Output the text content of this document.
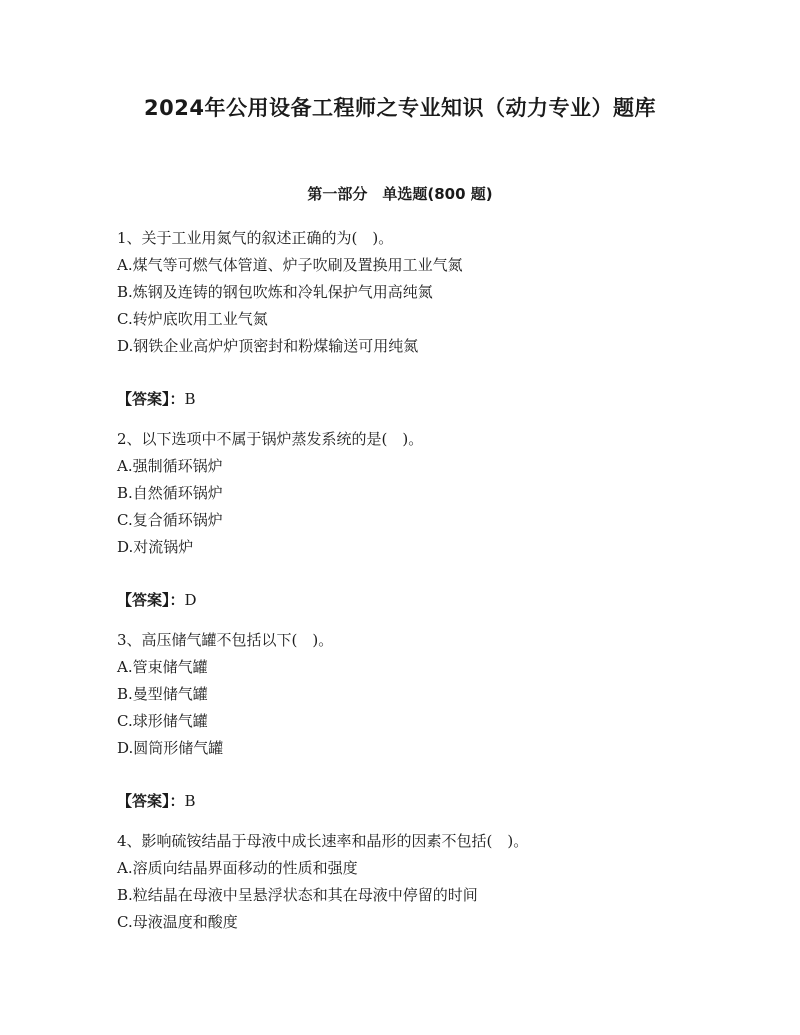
2024年公用设备工程师之专业知识（动力专业）题库
第一部分　单选题(800 题)
1、关于工业用氮气的叙述正确的为(　)。
A.煤气等可燃气体管道、炉子吹刷及置换用工业气氮
B.炼钢及连铸的钢包吹炼和冷轧保护气用高纯氮
C.转炉底吹用工业气氮
D.钢铁企业高炉炉顶密封和粉煤输送可用纯氮
【答案】：B
2、以下选项中不属于锅炉蒸发系统的是(　)。
A.强制循环锅炉
B.自然循环锅炉
C.复合循环锅炉
D.对流锅炉
【答案】：D
3、高压储气罐不包括以下(　)。
A.管束储气罐
B.曼型储气罐
C.球形储气罐
D.圆筒形储气罐
【答案】：B
4、影响硫铵结晶于母液中成长速率和晶形的因素不包括(　)。
A.溶质向结晶界面移动的性质和强度
B.粒结晶在母液中呈悬浮状态和其在母液中停留的时间
C.母液温度和酸度
